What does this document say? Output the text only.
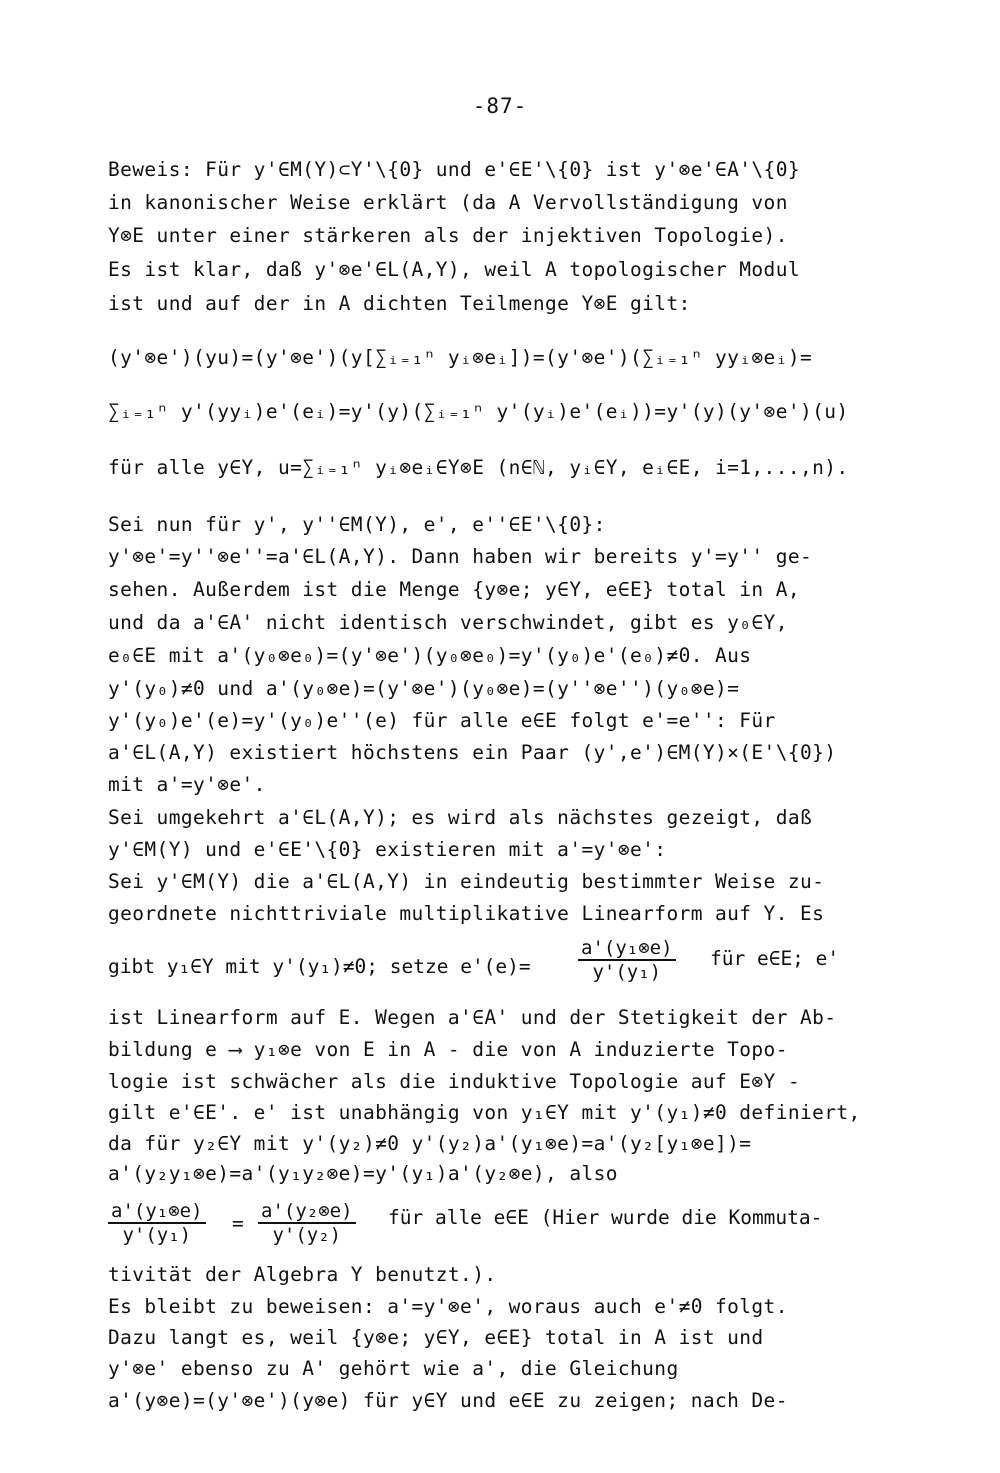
-87-
Beweis: Für y'∈M(Y)⊂Y'\{0} und e'∈E'\{0} ist y'⊗e'∈A'\{0}
in kanonischer Weise erklärt (da A Vervollständigung von
Y⊗E unter einer stärkeren als der injektiven Topologie).
Es ist klar, daß y'⊗e'∈L(A,Y), weil A topologischer Modul
ist und auf der in A dichten Teilmenge Y⊗E gilt:
(y'⊗e')(yu)=(y'⊗e')(y[∑ᵢ₌₁ⁿ yᵢ⊗eᵢ])=(y'⊗e')(∑ᵢ₌₁ⁿ yyᵢ⊗eᵢ)=
∑ᵢ₌₁ⁿ y'(yyᵢ)e'(eᵢ)=y'(y)(∑ᵢ₌₁ⁿ y'(yᵢ)e'(eᵢ))=y'(y)(y'⊗e')(u)
für alle y∈Y, u=∑ᵢ₌₁ⁿ yᵢ⊗eᵢ∈Y⊗E (n∈ℕ, yᵢ∈Y, eᵢ∈E, i=1,...,n).
Sei nun für y', y''∈M(Y), e', e''∈E'\{0}:
y'⊗e'=y''⊗e''=a'∈L(A,Y). Dann haben wir bereits y'=y'' ge-
sehen. Außerdem ist die Menge {y⊗e; y∈Y, e∈E} total in A,
und da a'∈A' nicht identisch verschwindet, gibt es y₀∈Y,
e₀∈E mit a'(y₀⊗e₀)=(y'⊗e')(y₀⊗e₀)=y'(y₀)e'(e₀)≠0. Aus
y'(y₀)≠0 und a'(y₀⊗e)=(y'⊗e')(y₀⊗e)=(y''⊗e'')(y₀⊗e)=
y'(y₀)e'(e)=y'(y₀)e''(e) für alle e∈E folgt e'=e'': Für
a'∈L(A,Y) existiert höchstens ein Paar (y',e')∈M(Y)×(E'\{0})
mit a'=y'⊗e'.
Sei umgekehrt a'∈L(A,Y); es wird als nächstes gezeigt, daß
y'∈M(Y) und e'∈E'\{0} existieren mit a'=y'⊗e':
Sei y'∈M(Y) die a'∈L(A,Y) in eindeutig bestimmter Weise zu-
geordnete nichttriviale multiplikative Linearform auf Y. Es
gibt y₁∈Y mit y'(y₁)≠0; setze $e'(e)= \frac{\text{a'(y₁⊗e)}}{\text{y'(y₁)}}$ für e∈E; e'
ist Linearform auf E. Wegen a'∈A' und der Stetigkeit der Ab-
bildung e ⟶ y₁⊗e von E in A - die von A induzierte Topo-
logie ist schwächer als die induktive Topologie auf E⊗Y -
gilt e'∈E'. e' ist unabhängig von y₁∈Y mit y'(y₁)≠0 definiert,
da für y₂∈Y mit y'(y₂)≠0 y'(y₂)a'(y₁⊗e)=a'(y₂[y₁⊗e])=
a'(y₂y₁⊗e)=a'(y₁y₂⊗e)=y'(y₁)a'(y₂⊗e), also
$\frac{\text{a'(y₁⊗e)}}{\text{y'(y₁)}} = \frac{\text{a'(y₂⊗e)}}{\text{y'(y₂)}}$ für alle e∈E (Hier wurde die Kommuta-
tivität der Algebra Y benutzt.).
Es bleibt zu beweisen: a'=y'⊗e', woraus auch e'≠0 folgt.
Dazu langt es, weil {y⊗e; y∈Y, e∈E} total in A ist und
y'⊗e' ebenso zu A' gehört wie a', die Gleichung
a'(y⊗e)=(y'⊗e')(y⊗e) für y∈Y und e∈E zu zeigen; nach De-
